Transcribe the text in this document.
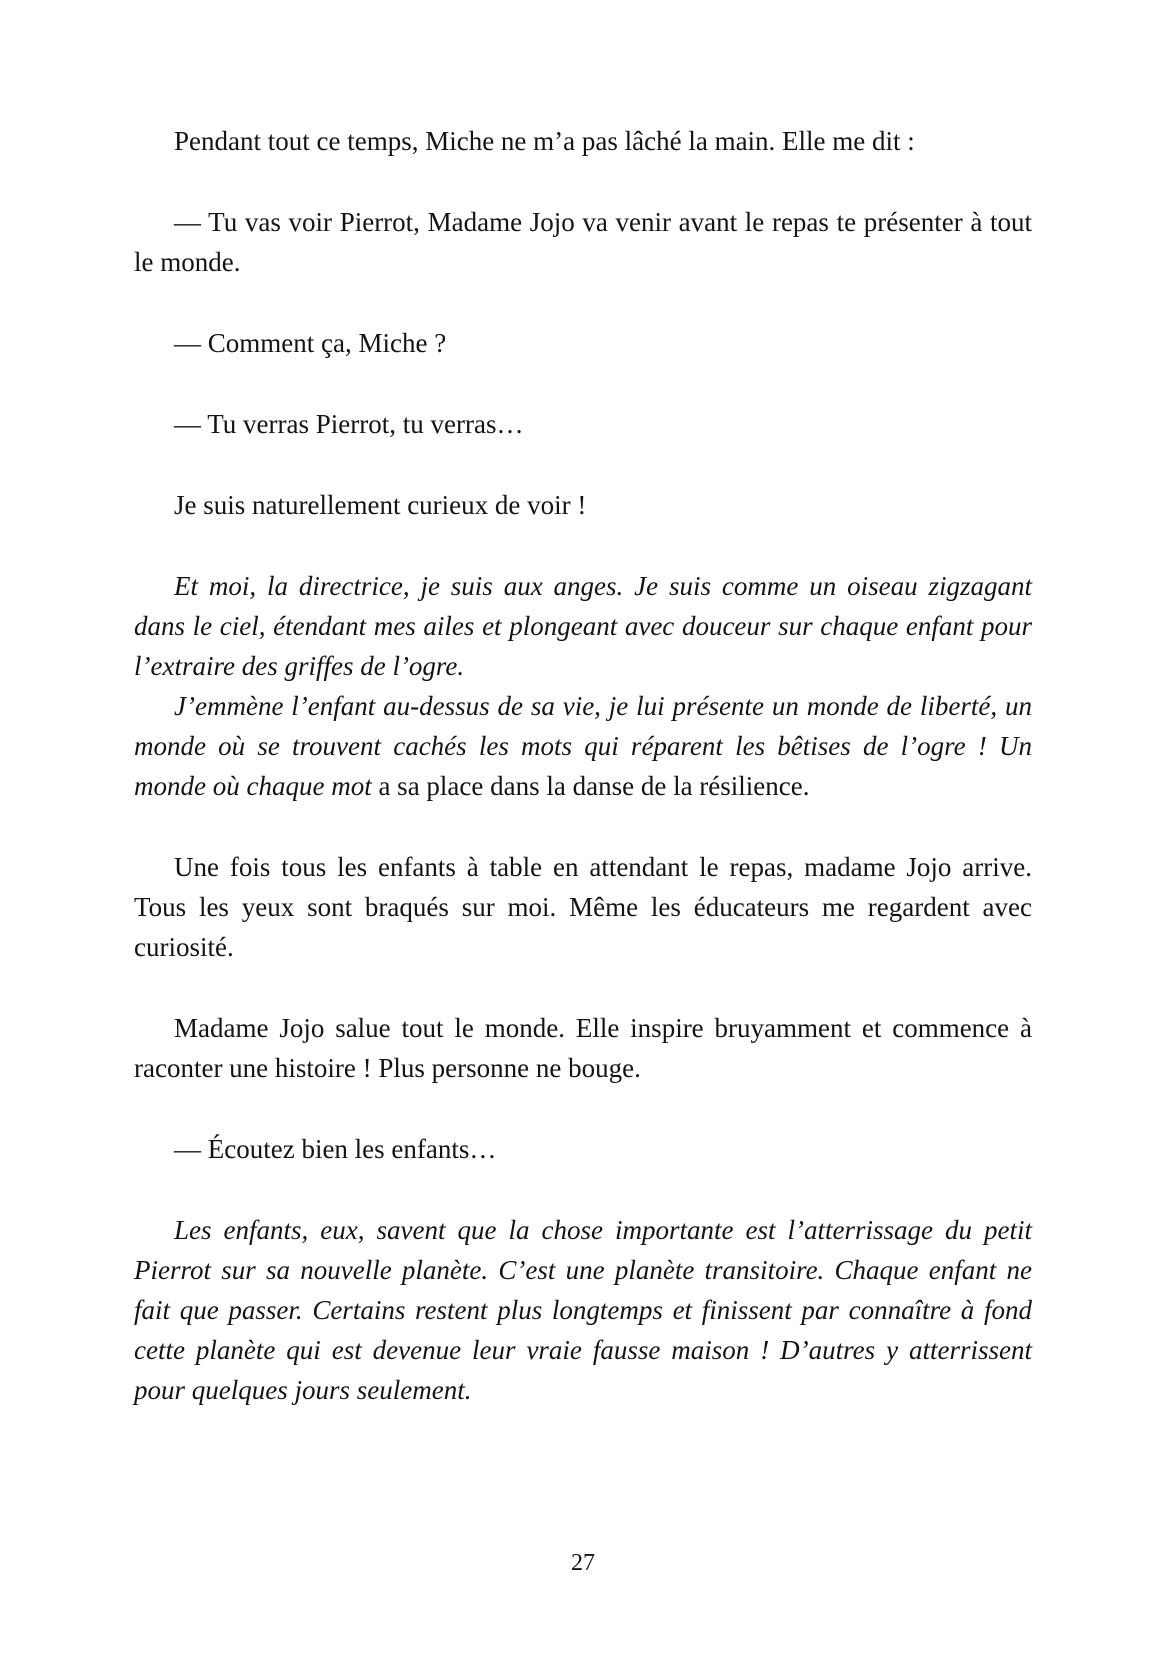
Pendant tout ce temps, Miche ne m’a pas lâché la main. Elle me dit :

— Tu vas voir Pierrot, Madame Jojo va venir avant le repas te présenter à tout le monde.

— Comment ça, Miche ?

— Tu verras Pierrot, tu verras…

Je suis naturellement curieux de voir !

Et moi, la directrice, je suis aux anges. Je suis comme un oiseau zigzagant dans le ciel, étendant mes ailes et plongeant avec douceur sur chaque enfant pour l’extraire des griffes de l’ogre.

J’emmène l’enfant au-dessus de sa vie, je lui présente un monde de liberté, un monde où se trouvent cachés les mots qui réparent les bêtises de l’ogre ! Un monde où chaque mot a sa place dans la danse de la résilience.

Une fois tous les enfants à table en attendant le repas, madame Jojo arrive. Tous les yeux sont braqués sur moi. Même les éducateurs me regardent avec curiosité.

Madame Jojo salue tout le monde. Elle inspire bruyamment et commence à raconter une histoire ! Plus personne ne bouge.

— Écoutez bien les enfants…

Les enfants, eux, savent que la chose importante est l’atterrissage du petit Pierrot sur sa nouvelle planète. C’est une planète transitoire. Chaque enfant ne fait que passer. Certains restent plus longtemps et finissent par connaître à fond cette planète qui est devenue leur vraie fausse maison ! D’autres y atterrissent pour quelques jours seulement.

27
